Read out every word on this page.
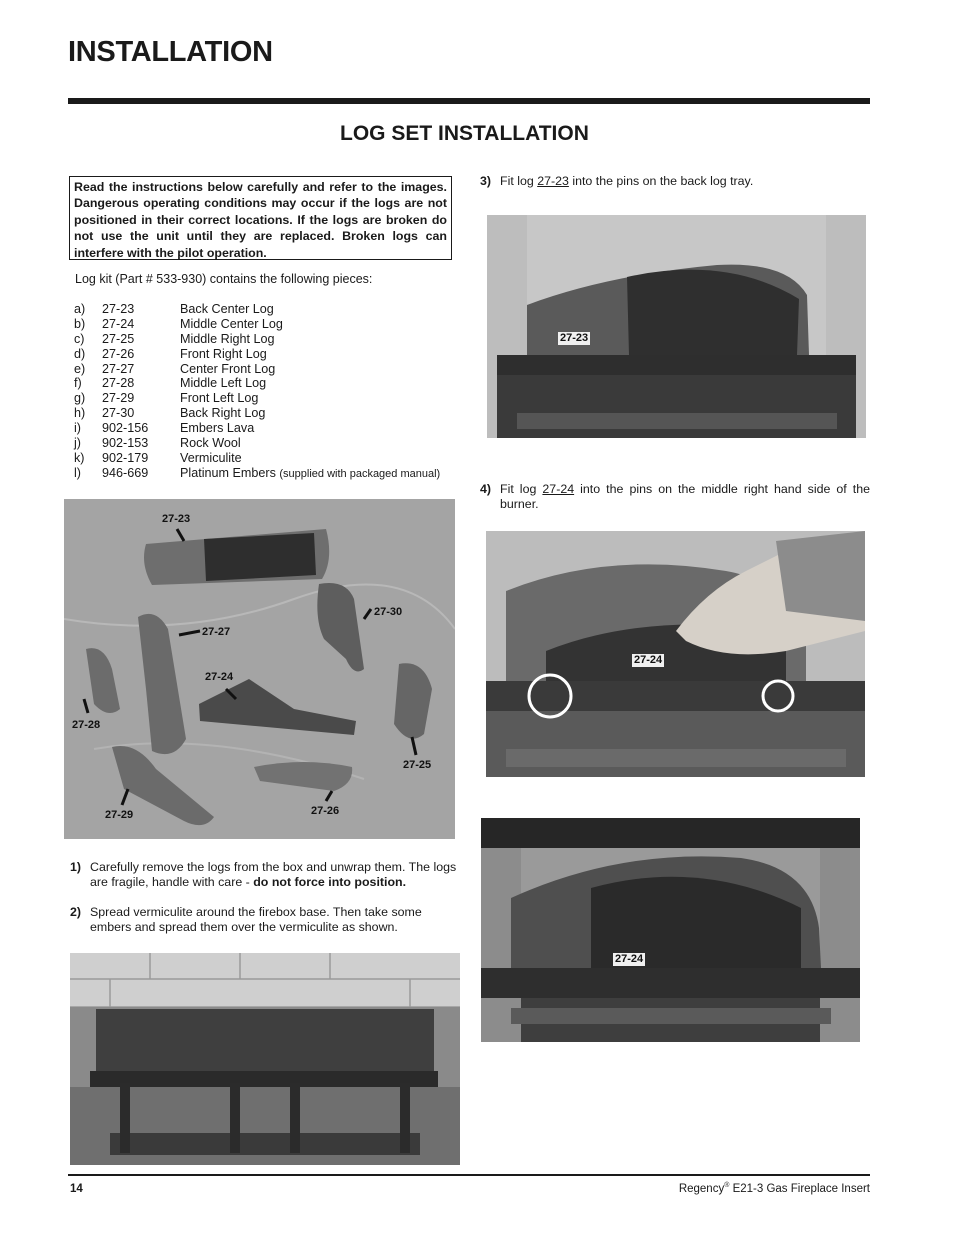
INSTALLATION
LOG SET INSTALLATION
Read the instructions below carefully and refer to the images. Dangerous operating conditions may occur if the logs are not positioned in their correct locations. If the logs are broken do not use the unit until they are replaced. Broken logs can interfere with the pilot operation.
Log kit (Part # 533-930) contains the following pieces:
a) 27-23	Back Center Log
b) 27-24	Middle Center Log
c) 27-25	Middle Right Log
d) 27-26	Front Right Log
e) 27-27	Center Front Log
f) 27-28	Middle Left Log
g) 27-29	Front Left Log
h) 27-30	Back Right Log
i) 902-156	Embers Lava
j) 902-153	Rock Wool
k) 902-179	Vermiculite
l) 946-669	Platinum Embers (supplied with packaged manual)
27-23
27-27
27-30
27-24
27-28
27-25
27-26
27-29
1) Carefully remove the logs from the box and unwrap them. The logs are fragile, handle with care - do not force into position.
2) Spread vermiculite around the firebox base. Then take some embers and spread them over the vermiculite as shown.
3) Fit log 27-23 into the pins on the back log tray.
27-23
4) Fit log 27-24 into the pins on the middle right hand side of the burner.
27-24
27-24
14	Regency® E21-3 Gas Fireplace Insert
